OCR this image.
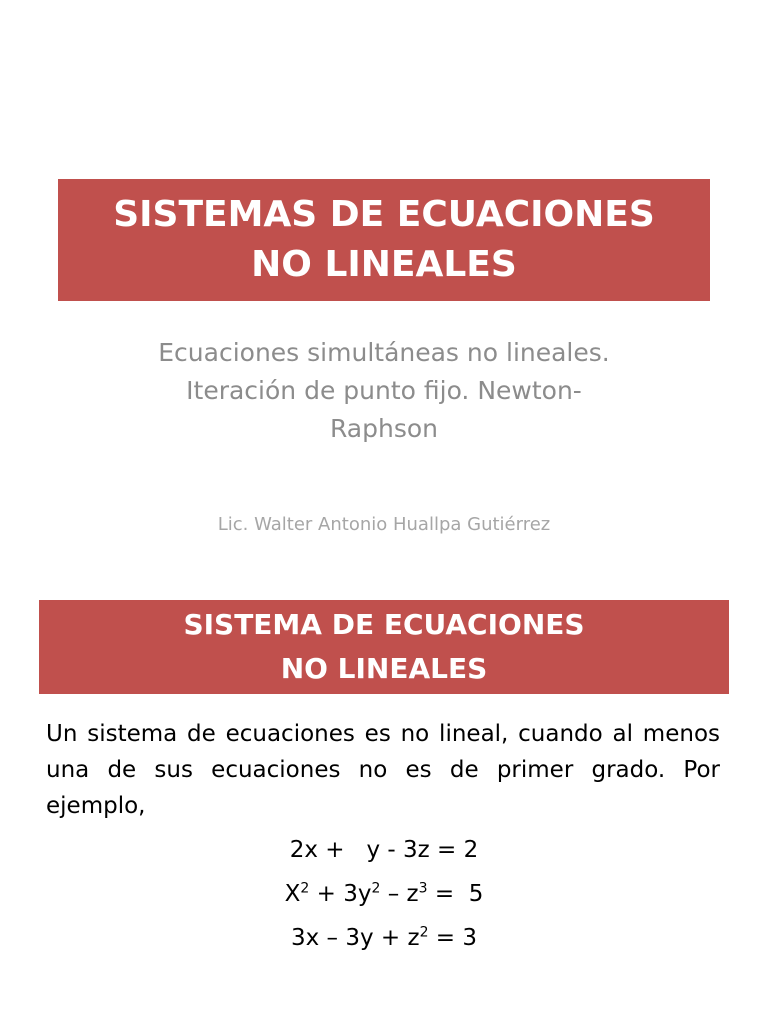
SISTEMAS DE ECUACIONES
NO LINEALES
Ecuaciones simultáneas no lineales.
Iteración de punto fijo. Newton-
Raphson
Lic. Walter Antonio Huallpa Gutiérrez
SISTEMA DE ECUACIONES
NO LINEALES
Un sistema de ecuaciones es no lineal, cuando al menos una de sus ecuaciones no es de primer grado. Por ejemplo,
2x +   y - 3z = 2
$X^2 + 3y^2 - z^3 = 5$
$3x - 3y + z^2 = 3$
